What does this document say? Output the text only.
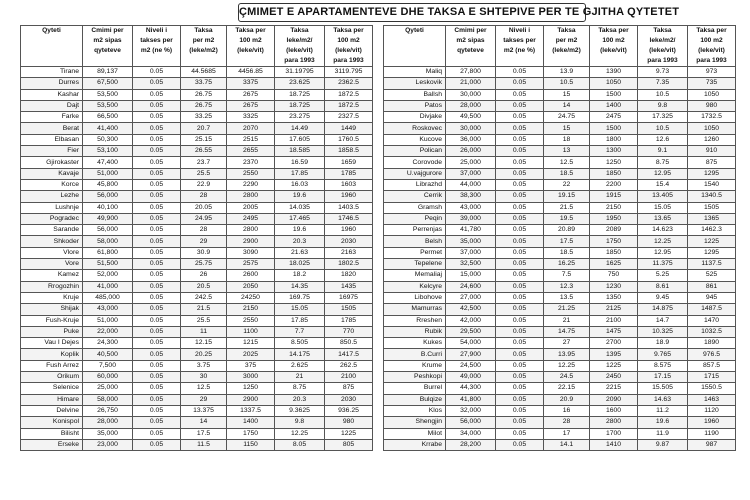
ÇMIMET E APARTAMENTEVE DHE TAKSA E SHTEPIVE PER TE GJITHA QYTETET
Qyteti	Cmimi per	Niveli i	Taksa	Taksa per	Taksa	Taksa per
	m2 sipas	takses per	per m2	100 m2	leke/m2/	100 m2
	qyteteve	m2 (ne %)	(leke/m2)	(leke/vit)	(leke/vit)	(leke/vit)
					para 1993	para 1993
Tirane	89,137	0.05	44.5685	4456.85	31.19795	3119.795
Durres	67,500	0.05	33.75	3375	23.625	2362.5
Kashar	53,500	0.05	26.75	2675	18.725	1872.5
Dajt	53,500	0.05	26.75	2675	18.725	1872.5
Farke	66,500	0.05	33.25	3325	23.275	2327.5
Berat	41,400	0.05	20.7	2070	14.49	1449
Elbasan	50,300	0.05	25.15	2515	17.605	1760.5
Fier	53,100	0.05	26.55	2655	18.585	1858.5
Gjirokaster	47,400	0.05	23.7	2370	16.59	1659
Kavaje	51,000	0.05	25.5	2550	17.85	1785
Korce	45,800	0.05	22.9	2290	16.03	1603
Lezhe	56,000	0.05	28	2800	19.6	1960
Lushnje	40,100	0.05	20.05	2005	14.035	1403.5
Pogradec	49,900	0.05	24.95	2495	17.465	1746.5
Sarande	56,000	0.05	28	2800	19.6	1960
Shkoder	58,000	0.05	29	2900	20.3	2030
Vlore	61,800	0.05	30.9	3090	21.63	2163
Vore	51,500	0.05	25.75	2575	18.025	1802.5
Kamez	52,000	0.05	26	2600	18.2	1820
Rrogozhin	41,000	0.05	20.5	2050	14.35	1435
Kruje	485,000	0.05	242.5	24250	169.75	16975
Shijak	43,000	0.05	21.5	2150	15.05	1505
Fush-Kruje	51,000	0.05	25.5	2550	17.85	1785
Puke	22,000	0.05	11	1100	7.7	770
Vau I Dejes	24,300	0.05	12.15	1215	8.505	850.5
Koplik	40,500	0.05	20.25	2025	14.175	1417.5
Fush Arrez	7,500	0.05	3.75	375	2.625	262.5
Orikum	60,000	0.05	30	3000	21	2100
Selenice	25,000	0.05	12.5	1250	8.75	875
Himare	58,000	0.05	29	2900	20.3	2030
Delvine	26,750	0.05	13.375	1337.5	9.3625	936.25
Konispol	28,000	0.05	14	1400	9.8	980
Bilisht	35,000	0.05	17.5	1750	12.25	1225
Erseke	23,000	0.05	11.5	1150	8.05	805
Qyteti	Cmimi per	Niveli i	Taksa	Taksa per	Taksa	Taksa per
	m2 sipas	takses per	per m2	100 m2	leke/m2/	100 m2
	qyteteve	m2 (ne %)	(leke/m2)	(leke/vit)	(leke/vit)	(leke/vit)
					para 1993	para 1993
Maliq	27,800	0.05	13.9	1390	9.73	973
Leskovik	21,000	0.05	10.5	1050	7.35	735
Ballsh	30,000	0.05	15	1500	10.5	1050
Patos	28,000	0.05	14	1400	9.8	980
Divjake	49,500	0.05	24.75	2475	17.325	1732.5
Roskovec	30,000	0.05	15	1500	10.5	1050
Kucove	36,000	0.05	18	1800	12.6	1260
Polican	26,000	0.05	13	1300	9.1	910
Corovode	25,000	0.05	12.5	1250	8.75	875
U.vajgurore	37,000	0.05	18.5	1850	12.95	1295
Librazhd	44,000	0.05	22	2200	15.4	1540
Cerrik	38,300	0.05	19.15	1915	13.405	1340.5
Gramsh	43,000	0.05	21.5	2150	15.05	1505
Peqin	39,000	0.05	19.5	1950	13.65	1365
Perrenjas	41,780	0.05	20.89	2089	14.623	1462.3
Belsh	35,000	0.05	17.5	1750	12.25	1225
Permet	37,000	0.05	18.5	1850	12.95	1295
Tepelene	32,500	0.05	16.25	1625	11.375	1137.5
Memaliaj	15,000	0.05	7.5	750	5.25	525
Kelcyre	24,600	0.05	12.3	1230	8.61	861
Libohove	27,000	0.05	13.5	1350	9.45	945
Mamurras	42,500	0.05	21.25	2125	14.875	1487.5
Rreshen	42,000	0.05	21	2100	14.7	1470
Rubik	29,500	0.05	14.75	1475	10.325	1032.5
Kukes	54,000	0.05	27	2700	18.9	1890
B.Curri	27,900	0.05	13.95	1395	9.765	976.5
Krume	24,500	0.05	12.25	1225	8.575	857.5
Peshkopi	49,000	0.05	24.5	2450	17.15	1715
Burrel	44,300	0.05	22.15	2215	15.505	1550.5
Bulqize	41,800	0.05	20.9	2090	14.63	1463
Klos	32,000	0.05	16	1600	11.2	1120
Shengjin	56,000	0.05	28	2800	19.6	1960
Milot	34,000	0.05	17	1700	11.9	1190
Krrabe	28,200	0.05	14.1	1410	9.87	987
